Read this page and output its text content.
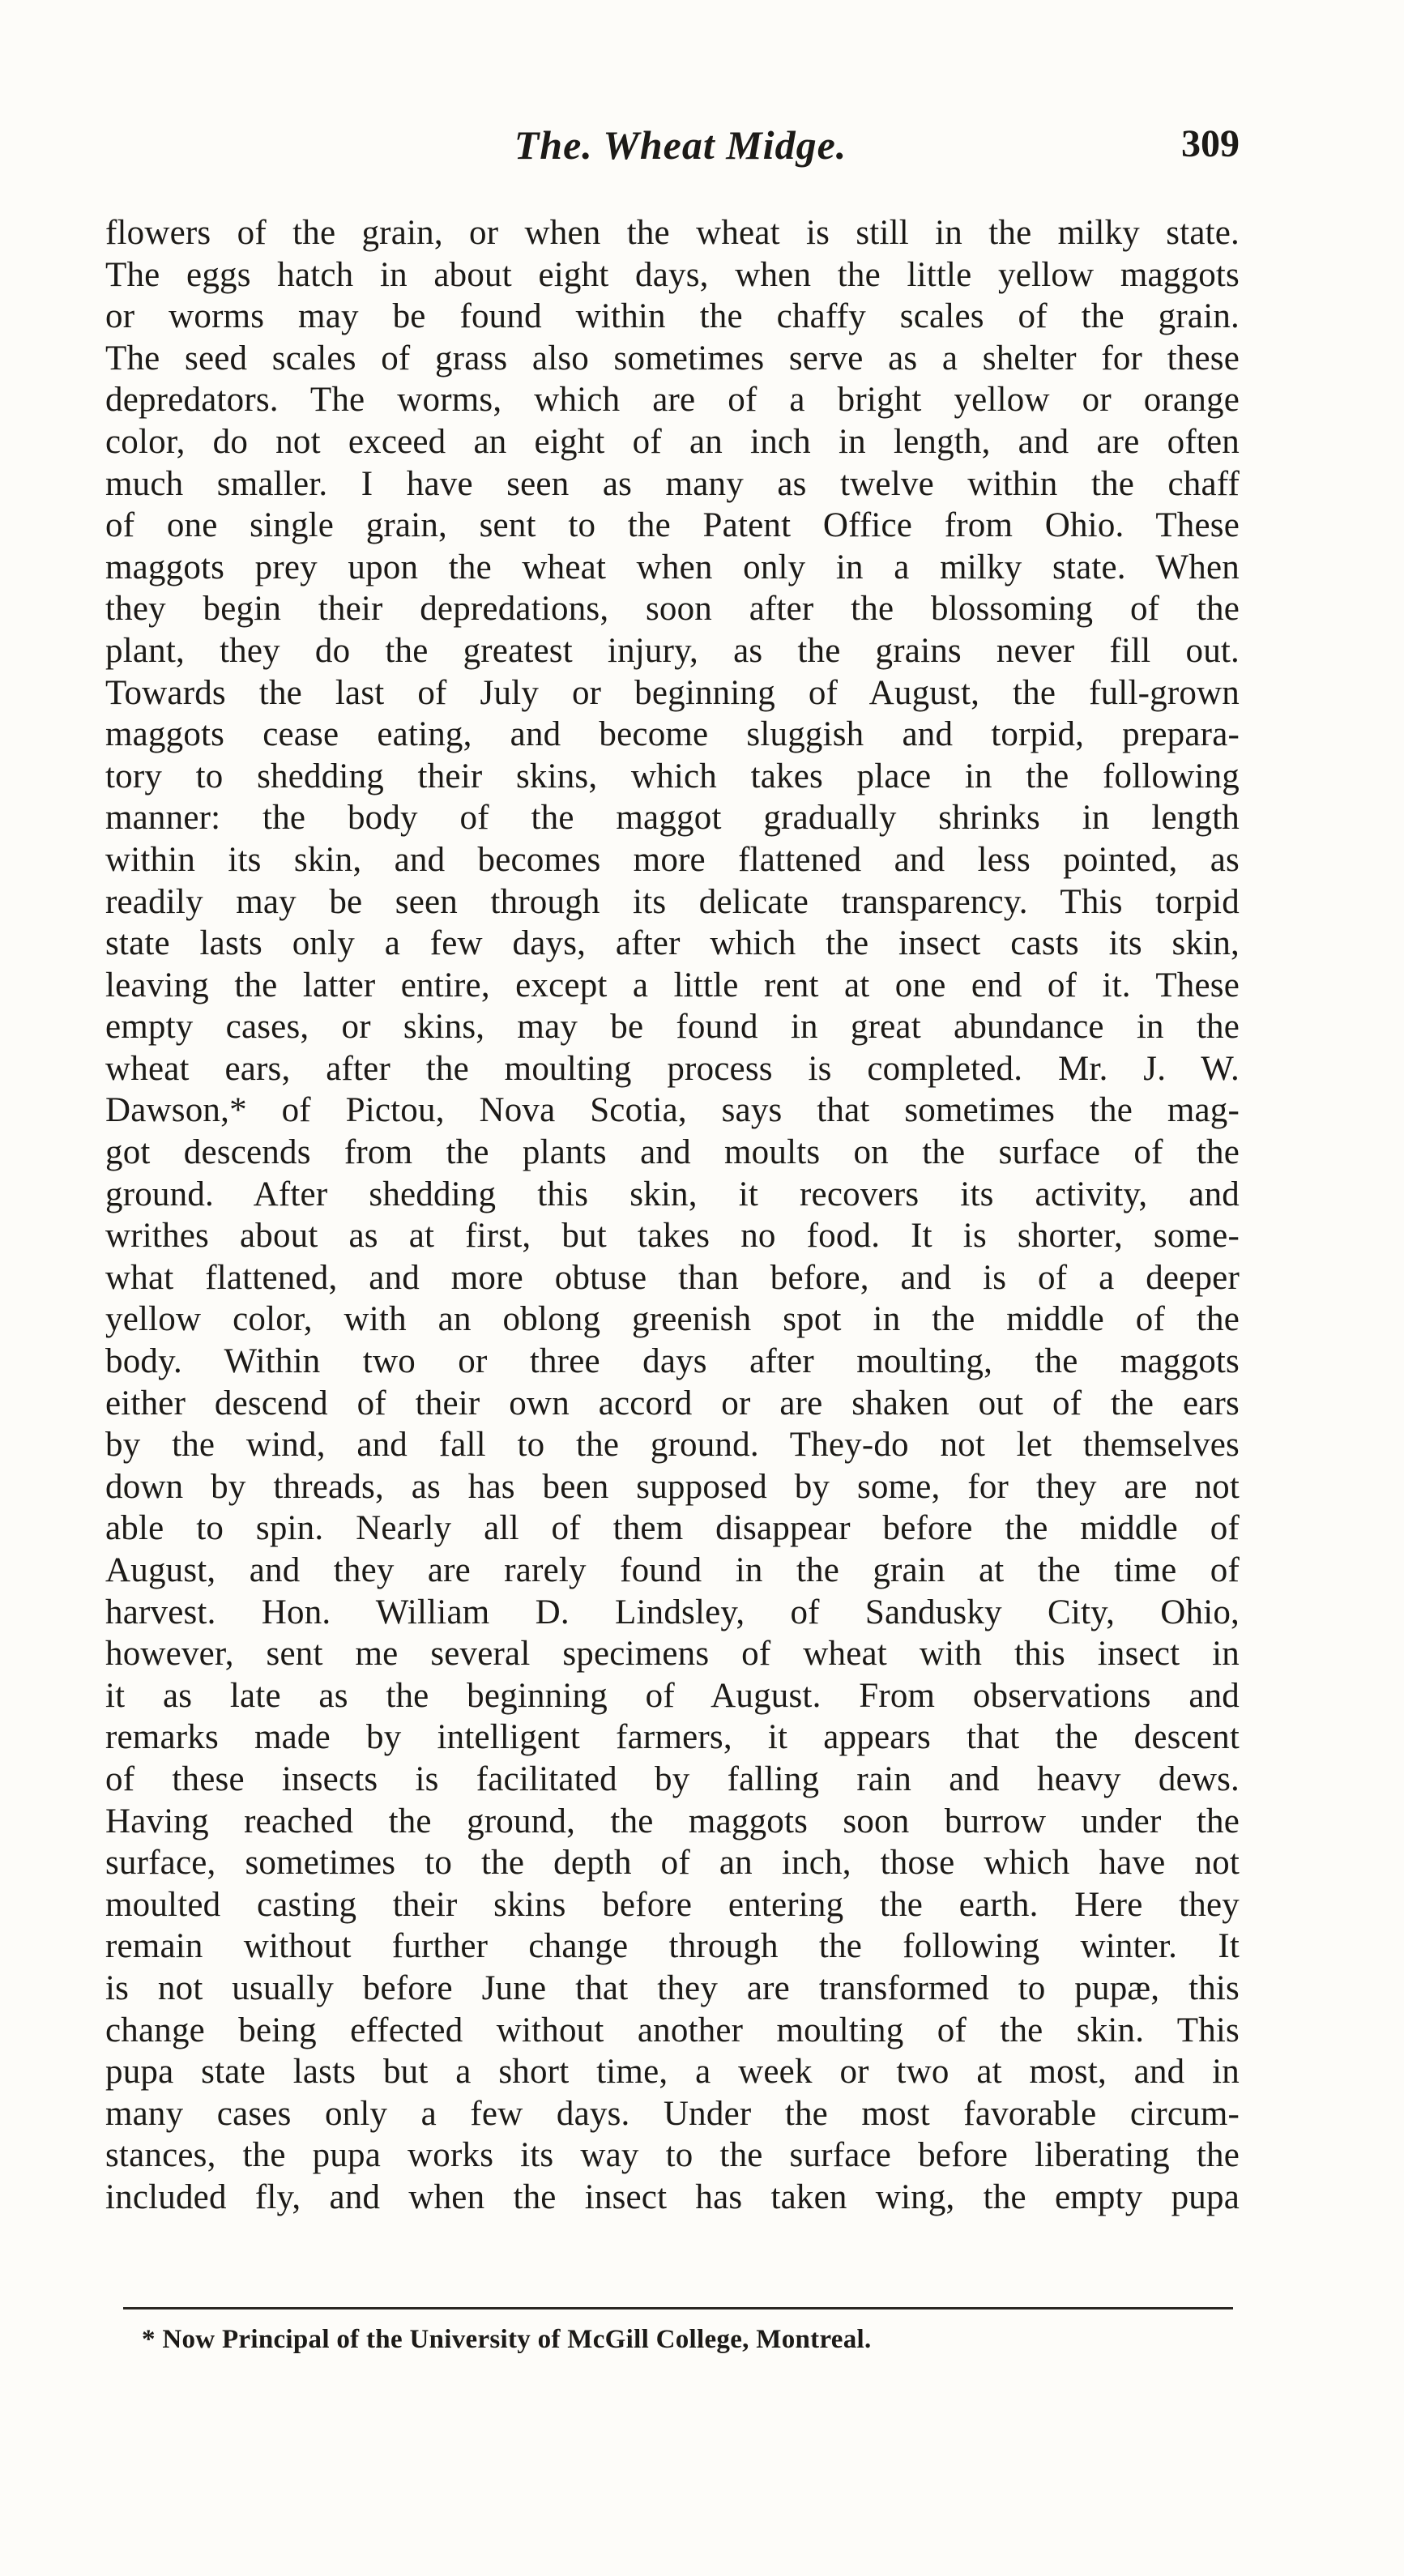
The. Wheat Midge.	309
flowers of the grain, or when the wheat is still in the milky state.
The eggs hatch in about eight days, when the little yellow maggots
or worms may be found within the chaffy scales of the grain.
The seed scales of grass also sometimes serve as a shelter for these
depredators. The worms, which are of a bright yellow or orange
color, do not exceed an eight of an inch in length, and are often
much smaller. I have seen as many as twelve within the chaff
of one single grain, sent to the Patent Office from Ohio. These
maggots prey upon the wheat when only in a milky state. When
they begin their depredations, soon after the blossoming of the
plant, they do the greatest injury, as the grains never fill out.
Towards the last of July or beginning of August, the full-grown
maggots cease eating, and become sluggish and torpid, prepara-
tory to shedding their skins, which takes place in the following
manner: the body of the maggot gradually shrinks in length
within its skin, and becomes more flattened and less pointed, as
readily may be seen through its delicate transparency. This torpid
state lasts only a few days, after which the insect casts its skin,
leaving the latter entire, except a little rent at one end of it. These
empty cases, or skins, may be found in great abundance in the
wheat ears, after the moulting process is completed. Mr. J. W.
Dawson,* of Pictou, Nova Scotia, says that sometimes the mag-
got descends from the plants and moults on the surface of the
ground. After shedding this skin, it recovers its activity, and
writhes about as at first, but takes no food. It is shorter, some-
what flattened, and more obtuse than before, and is of a deeper
yellow color, with an oblong greenish spot in the middle of the
body. Within two or three days after moulting, the maggots
either descend of their own accord or are shaken out of the ears
by the wind, and fall to the ground. They-do not let themselves
down by threads, as has been supposed by some, for they are not
able to spin. Nearly all of them disappear before the middle of
August, and they are rarely found in the grain at the time of
harvest. Hon. William D. Lindsley, of Sandusky City, Ohio,
however, sent me several specimens of wheat with this insect in
it as late as the beginning of August. From observations and
remarks made by intelligent farmers, it appears that the descent
of these insects is facilitated by falling rain and heavy dews.
Having reached the ground, the maggots soon burrow under the
surface, sometimes to the depth of an inch, those which have not
moulted casting their skins before entering the earth. Here they
remain without further change through the following winter. It
is not usually before June that they are transformed to pupæ, this
change being effected without another moulting of the skin. This
pupa state lasts but a short time, a week or two at most, and in
many cases only a few days. Under the most favorable circum-
stances, the pupa works its way to the surface before liberating the
included fly, and when the insect has taken wing, the empty pupa

* Now Principal of the University of McGill College, Montreal.
